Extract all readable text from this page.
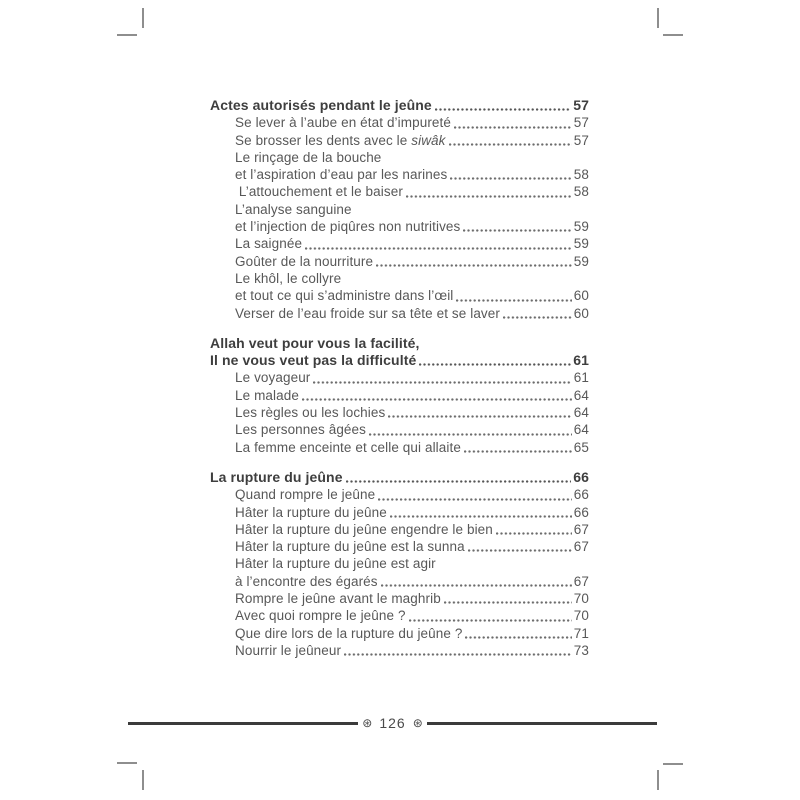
Actes autorisés pendant le jeûne	57
Se lever à l’aube en état d’impureté	57
Se brosser les dents avec le siwâk	57
Le rinçage de la bouche
et l’aspiration d’eau par les narines	58
L’attouchement et le baiser	58
L’analyse sanguine
et l’injection de piqûres non nutritives	59
La saignée	59
Goûter de la nourriture	59
Le khôl, le collyre
et tout ce qui s’administre dans l’œil	60
Verser de l’eau froide sur sa tête et se laver	60
Allah veut pour vous la facilité,
Il ne vous veut pas la difficulté	61
Le voyageur	61
Le malade	64
Les règles ou les lochies	64
Les personnes âgées	64
La femme enceinte et celle qui allaite	65
La rupture du jeûne	66
Quand rompre le jeûne	66
Hâter la rupture du jeûne	66
Hâter la rupture du jeûne engendre le bien	67
Hâter la rupture du jeûne est la sunna	67
Hâter la rupture du jeûne est agir
à l’encontre des égarés	67
Rompre le jeûne avant le maghrib	70
Avec quoi rompre le jeûne ?	70
Que dire lors de la rupture du jeûne ?	71
Nourrir le jeûneur	73
⊛ 126 ⊛
